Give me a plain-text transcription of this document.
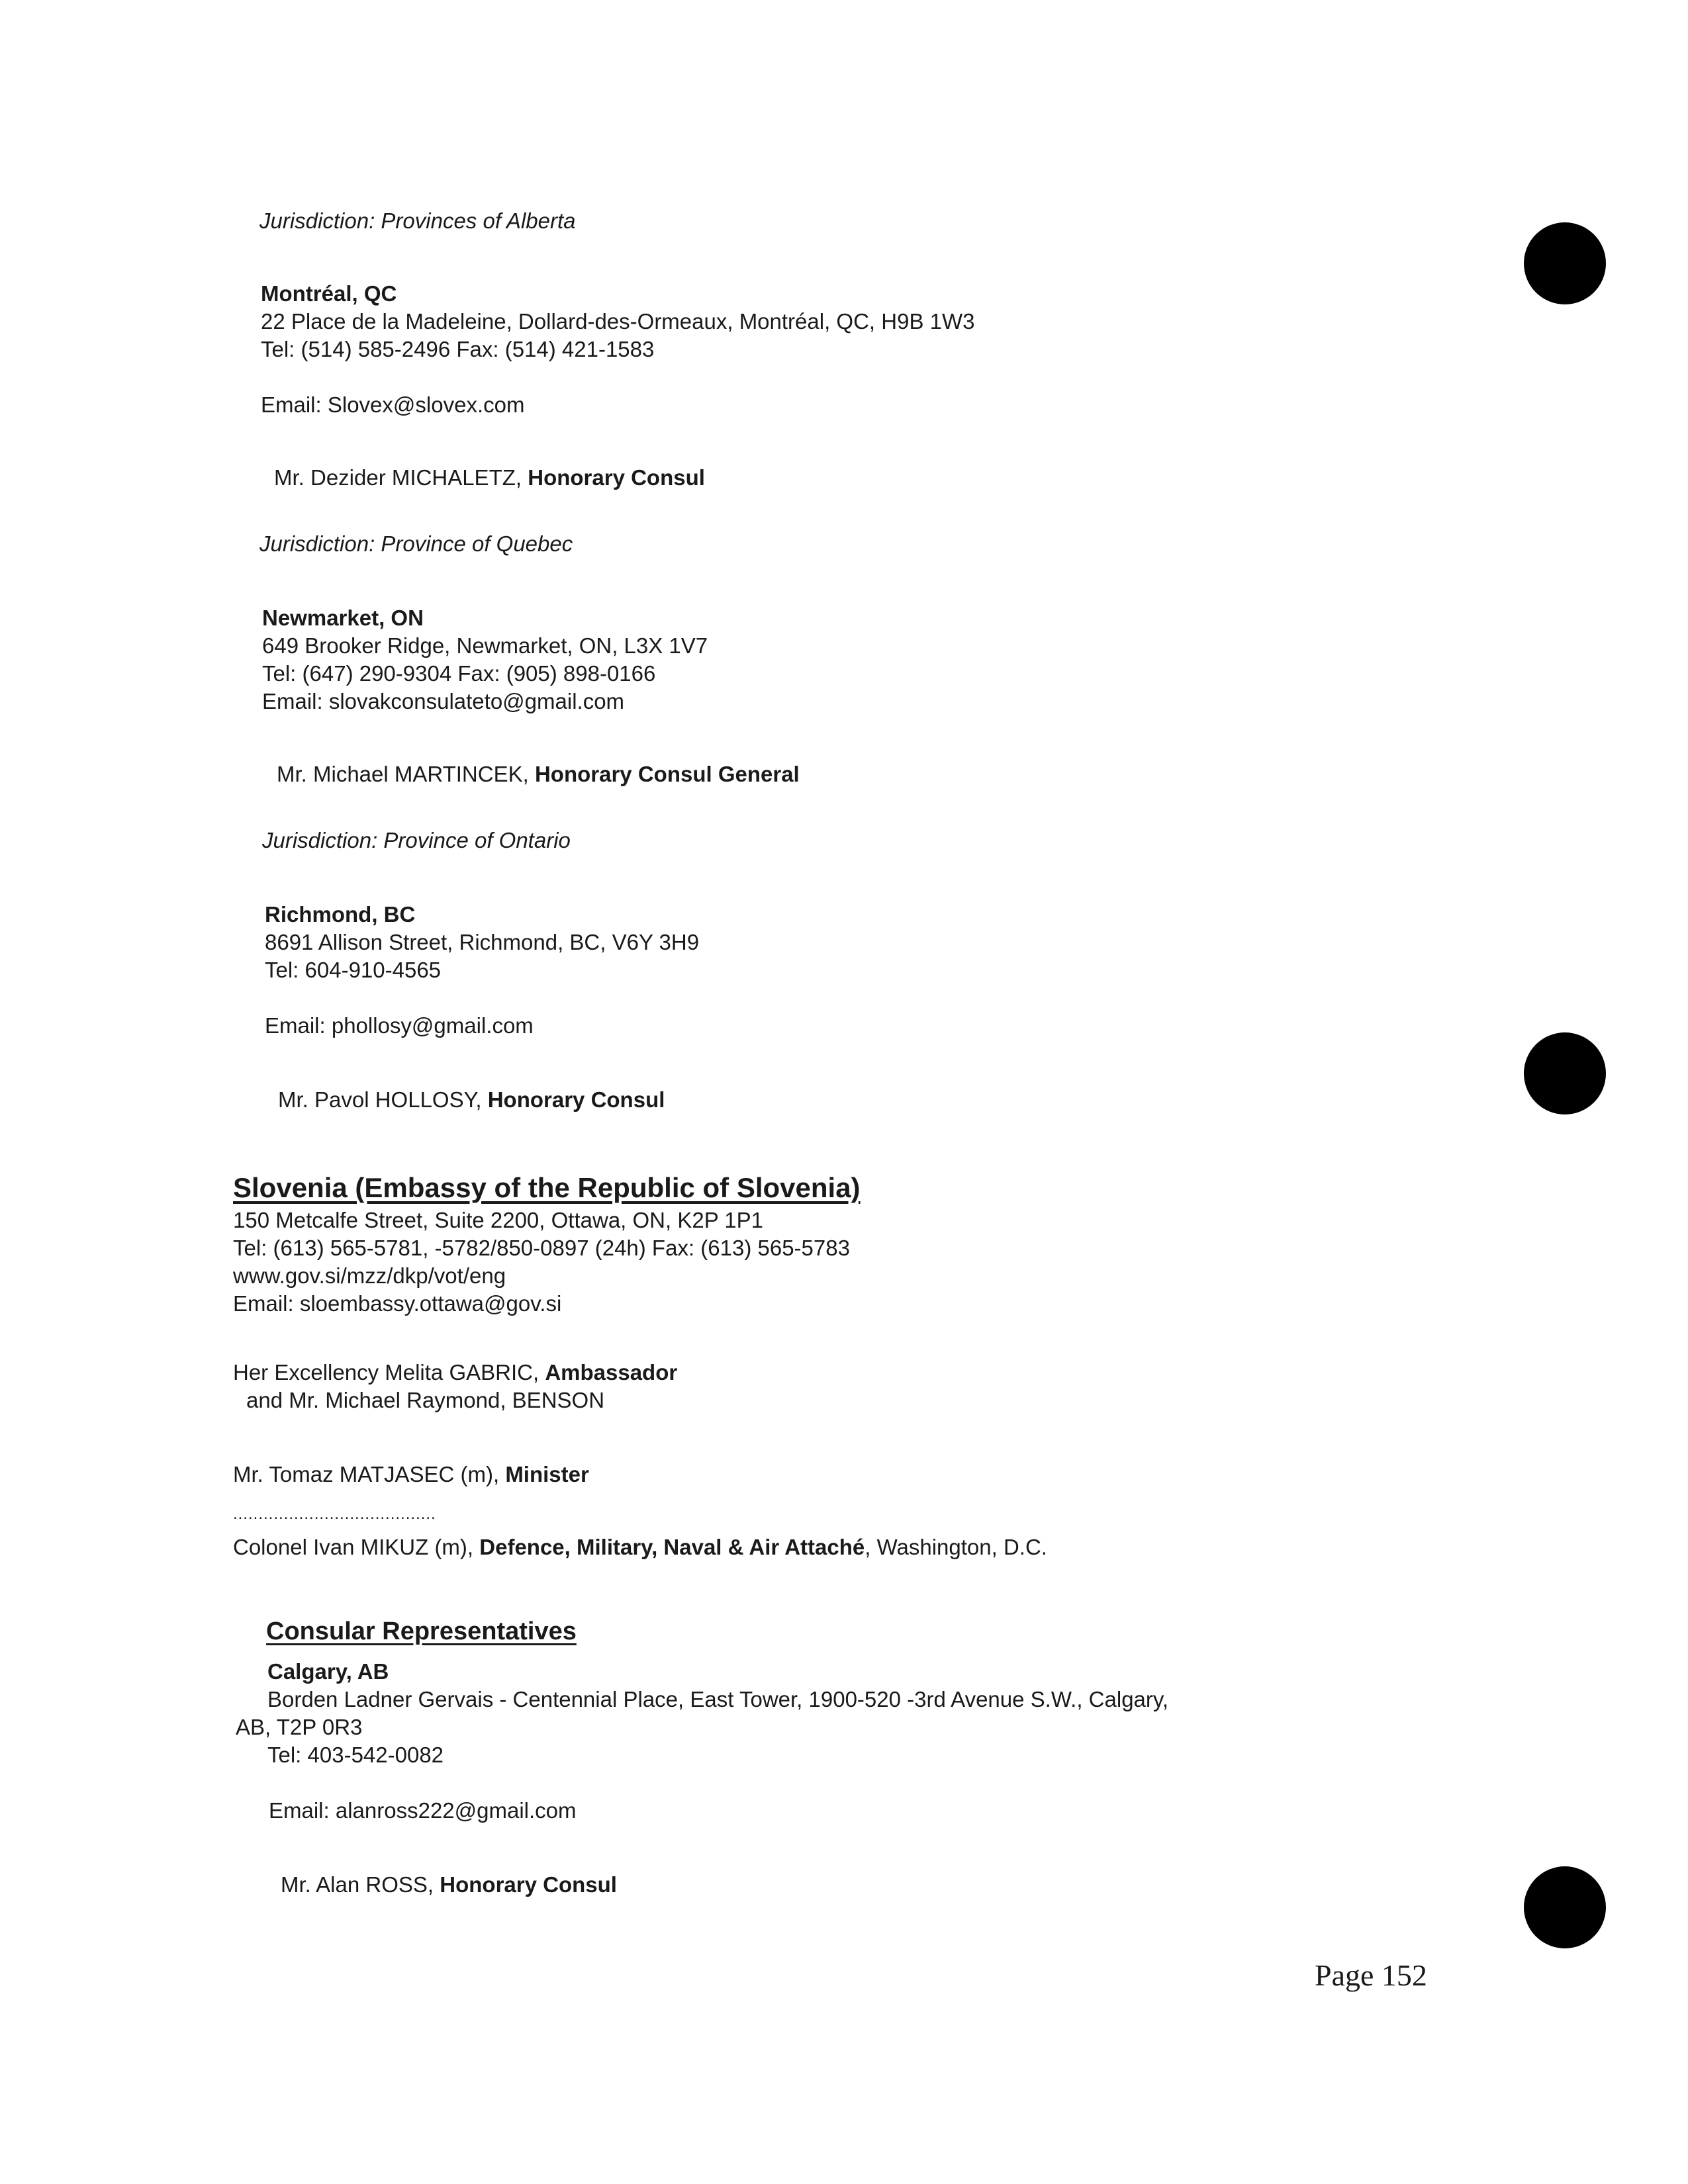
Jurisdiction: Provinces of Alberta
Montréal, QC
22 Place de la Madeleine, Dollard-des-Ormeaux, Montréal, QC, H9B 1W3
Tel: (514) 585-2496 Fax: (514) 421-1583
Email: Slovex@slovex.com
Mr. Dezider MICHALETZ, Honorary Consul
Jurisdiction: Province of Quebec
Newmarket, ON
649 Brooker Ridge, Newmarket, ON, L3X 1V7
Tel: (647) 290-9304 Fax: (905) 898-0166
Email: slovakconsulateto@gmail.com
Mr. Michael MARTINCEK, Honorary Consul General
Jurisdiction: Province of Ontario
Richmond, BC
8691 Allison Street, Richmond, BC, V6Y 3H9
Tel: 604-910-4565
Email: phollosy@gmail.com
Mr. Pavol HOLLOSY, Honorary Consul
Slovenia (Embassy of the Republic of Slovenia)
150 Metcalfe Street, Suite 2200, Ottawa, ON, K2P 1P1
Tel: (613) 565-5781, -5782/850-0897 (24h) Fax: (613) 565-5783
www.gov.si/mzz/dkp/vot/eng
Email: sloembassy.ottawa@gov.si
Her Excellency Melita GABRIC, Ambassador
and Mr. Michael Raymond, BENSON
Mr. Tomaz MATJASEC (m), Minister
........................................
Colonel Ivan MIKUZ (m), Defence, Military, Naval & Air Attaché, Washington, D.C.
Consular Representatives
Calgary, AB
Borden Ladner Gervais - Centennial Place, East Tower, 1900-520 -3rd Avenue S.W., Calgary,
AB, T2P 0R3
Tel: 403-542-0082
Email: alanross222@gmail.com
Mr. Alan ROSS, Honorary Consul
Page 152
